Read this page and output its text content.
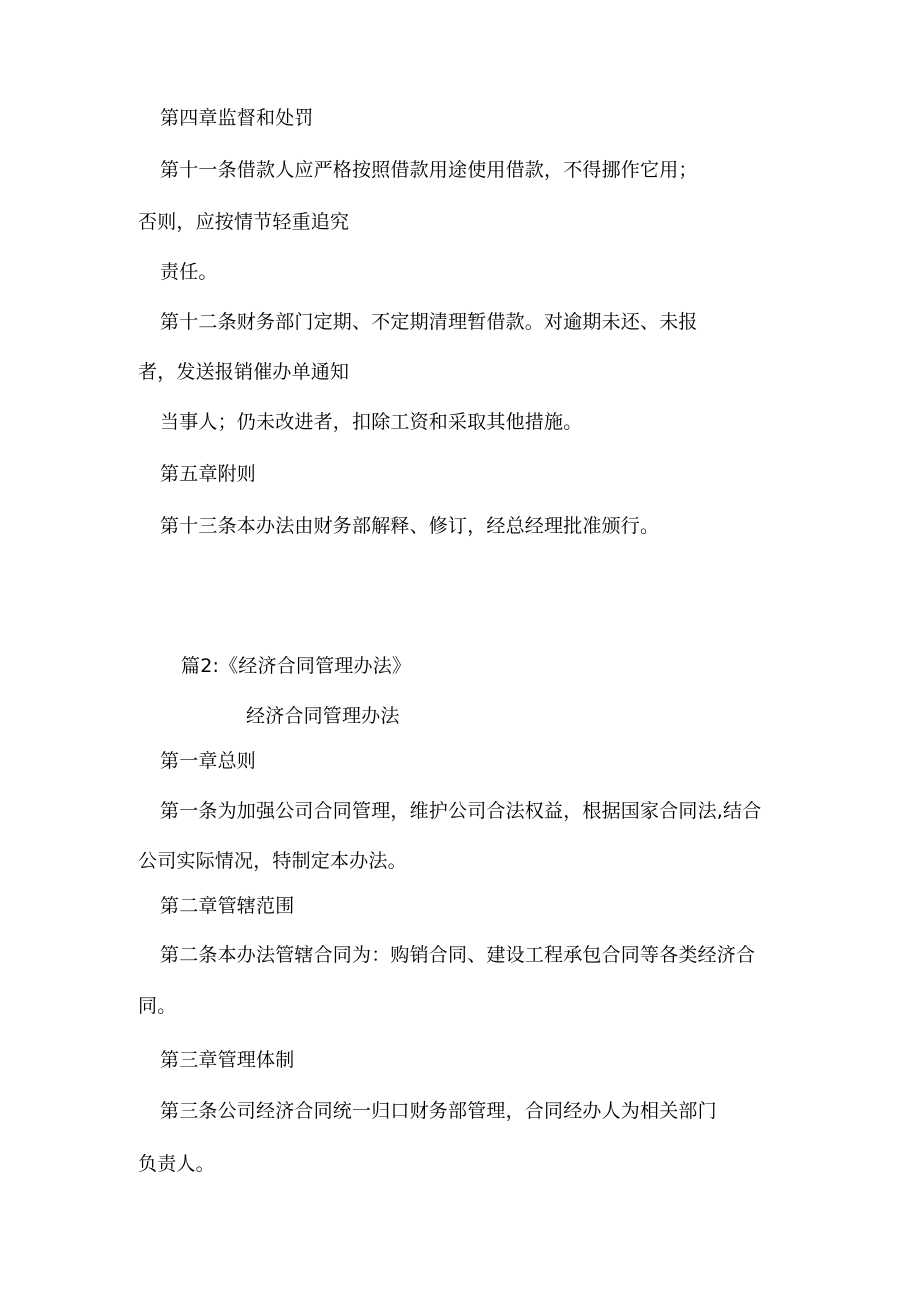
第四章监督和处罚
第十一条借款人应严格按照借款用途使用借款，不得挪作它用；
否则，应按情节轻重追究
责任。
第十二条财务部门定期、不定期清理暂借款。对逾期未还、未报
者，发送报销催办单通知
当事人；仍未改进者，扣除工资和采取其他措施。
第五章附则
第十三条本办法由财务部解释、修订，经总经理批准颁行。
篇2:《经济合同管理办法》
经济合同管理办法
第一章总则
第一条为加强公司合同管理，维护公司合法权益，根据国家合同法,结合
公司实际情况，特制定本办法。
第二章管辖范围
第二条本办法管辖合同为：购销合同、建设工程承包合同等各类经济合
同。
第三章管理体制
第三条公司经济合同统一归口财务部管理，合同经办人为相关部门
负责人。
